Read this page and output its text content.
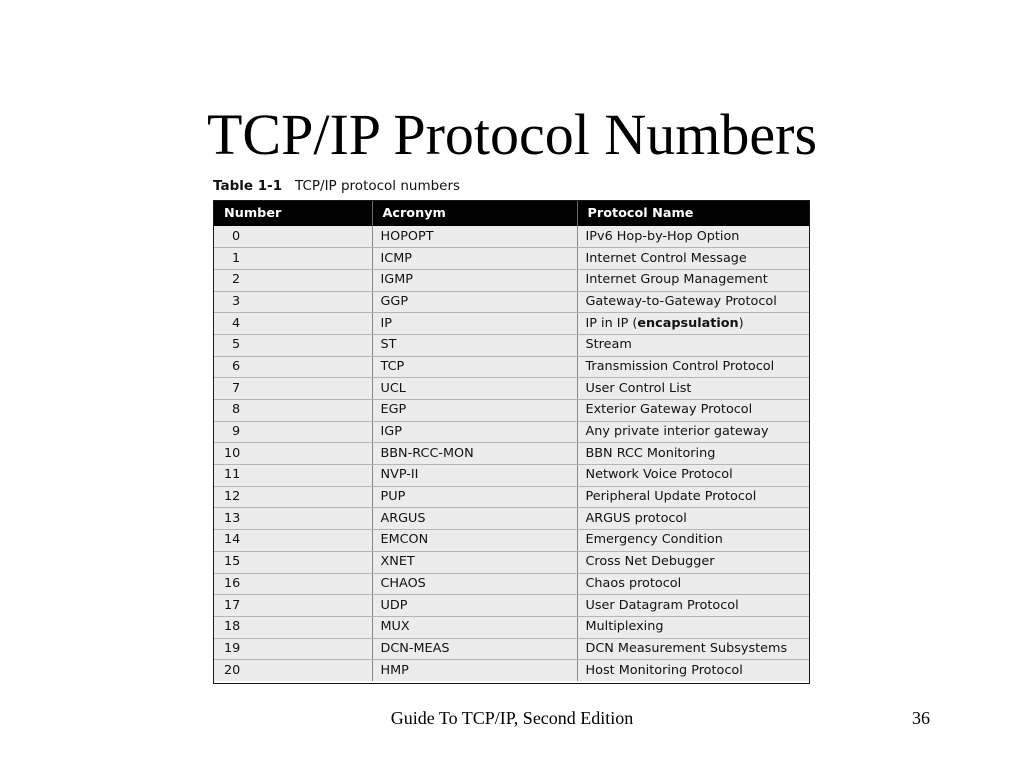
TCP/IP Protocol Numbers
Table 1-1 TCP/IP protocol numbers
Number	Acronym	Protocol Name
0	HOPOPT	IPv6 Hop-by-Hop Option
1	ICMP	Internet Control Message
2	IGMP	Internet Group Management
3	GGP	Gateway-to-Gateway Protocol
4	IP	IP in IP (encapsulation)
5	ST	Stream
6	TCP	Transmission Control Protocol
7	UCL	User Control List
8	EGP	Exterior Gateway Protocol
9	IGP	Any private interior gateway
10	BBN-RCC-MON	BBN RCC Monitoring
11	NVP-II	Network Voice Protocol
12	PUP	Peripheral Update Protocol
13	ARGUS	ARGUS protocol
14	EMCON	Emergency Condition
15	XNET	Cross Net Debugger
16	CHAOS	Chaos protocol
17	UDP	User Datagram Protocol
18	MUX	Multiplexing
19	DCN-MEAS	DCN Measurement Subsystems
20	HMP	Host Monitoring Protocol
Guide To TCP/IP, Second Edition	36
